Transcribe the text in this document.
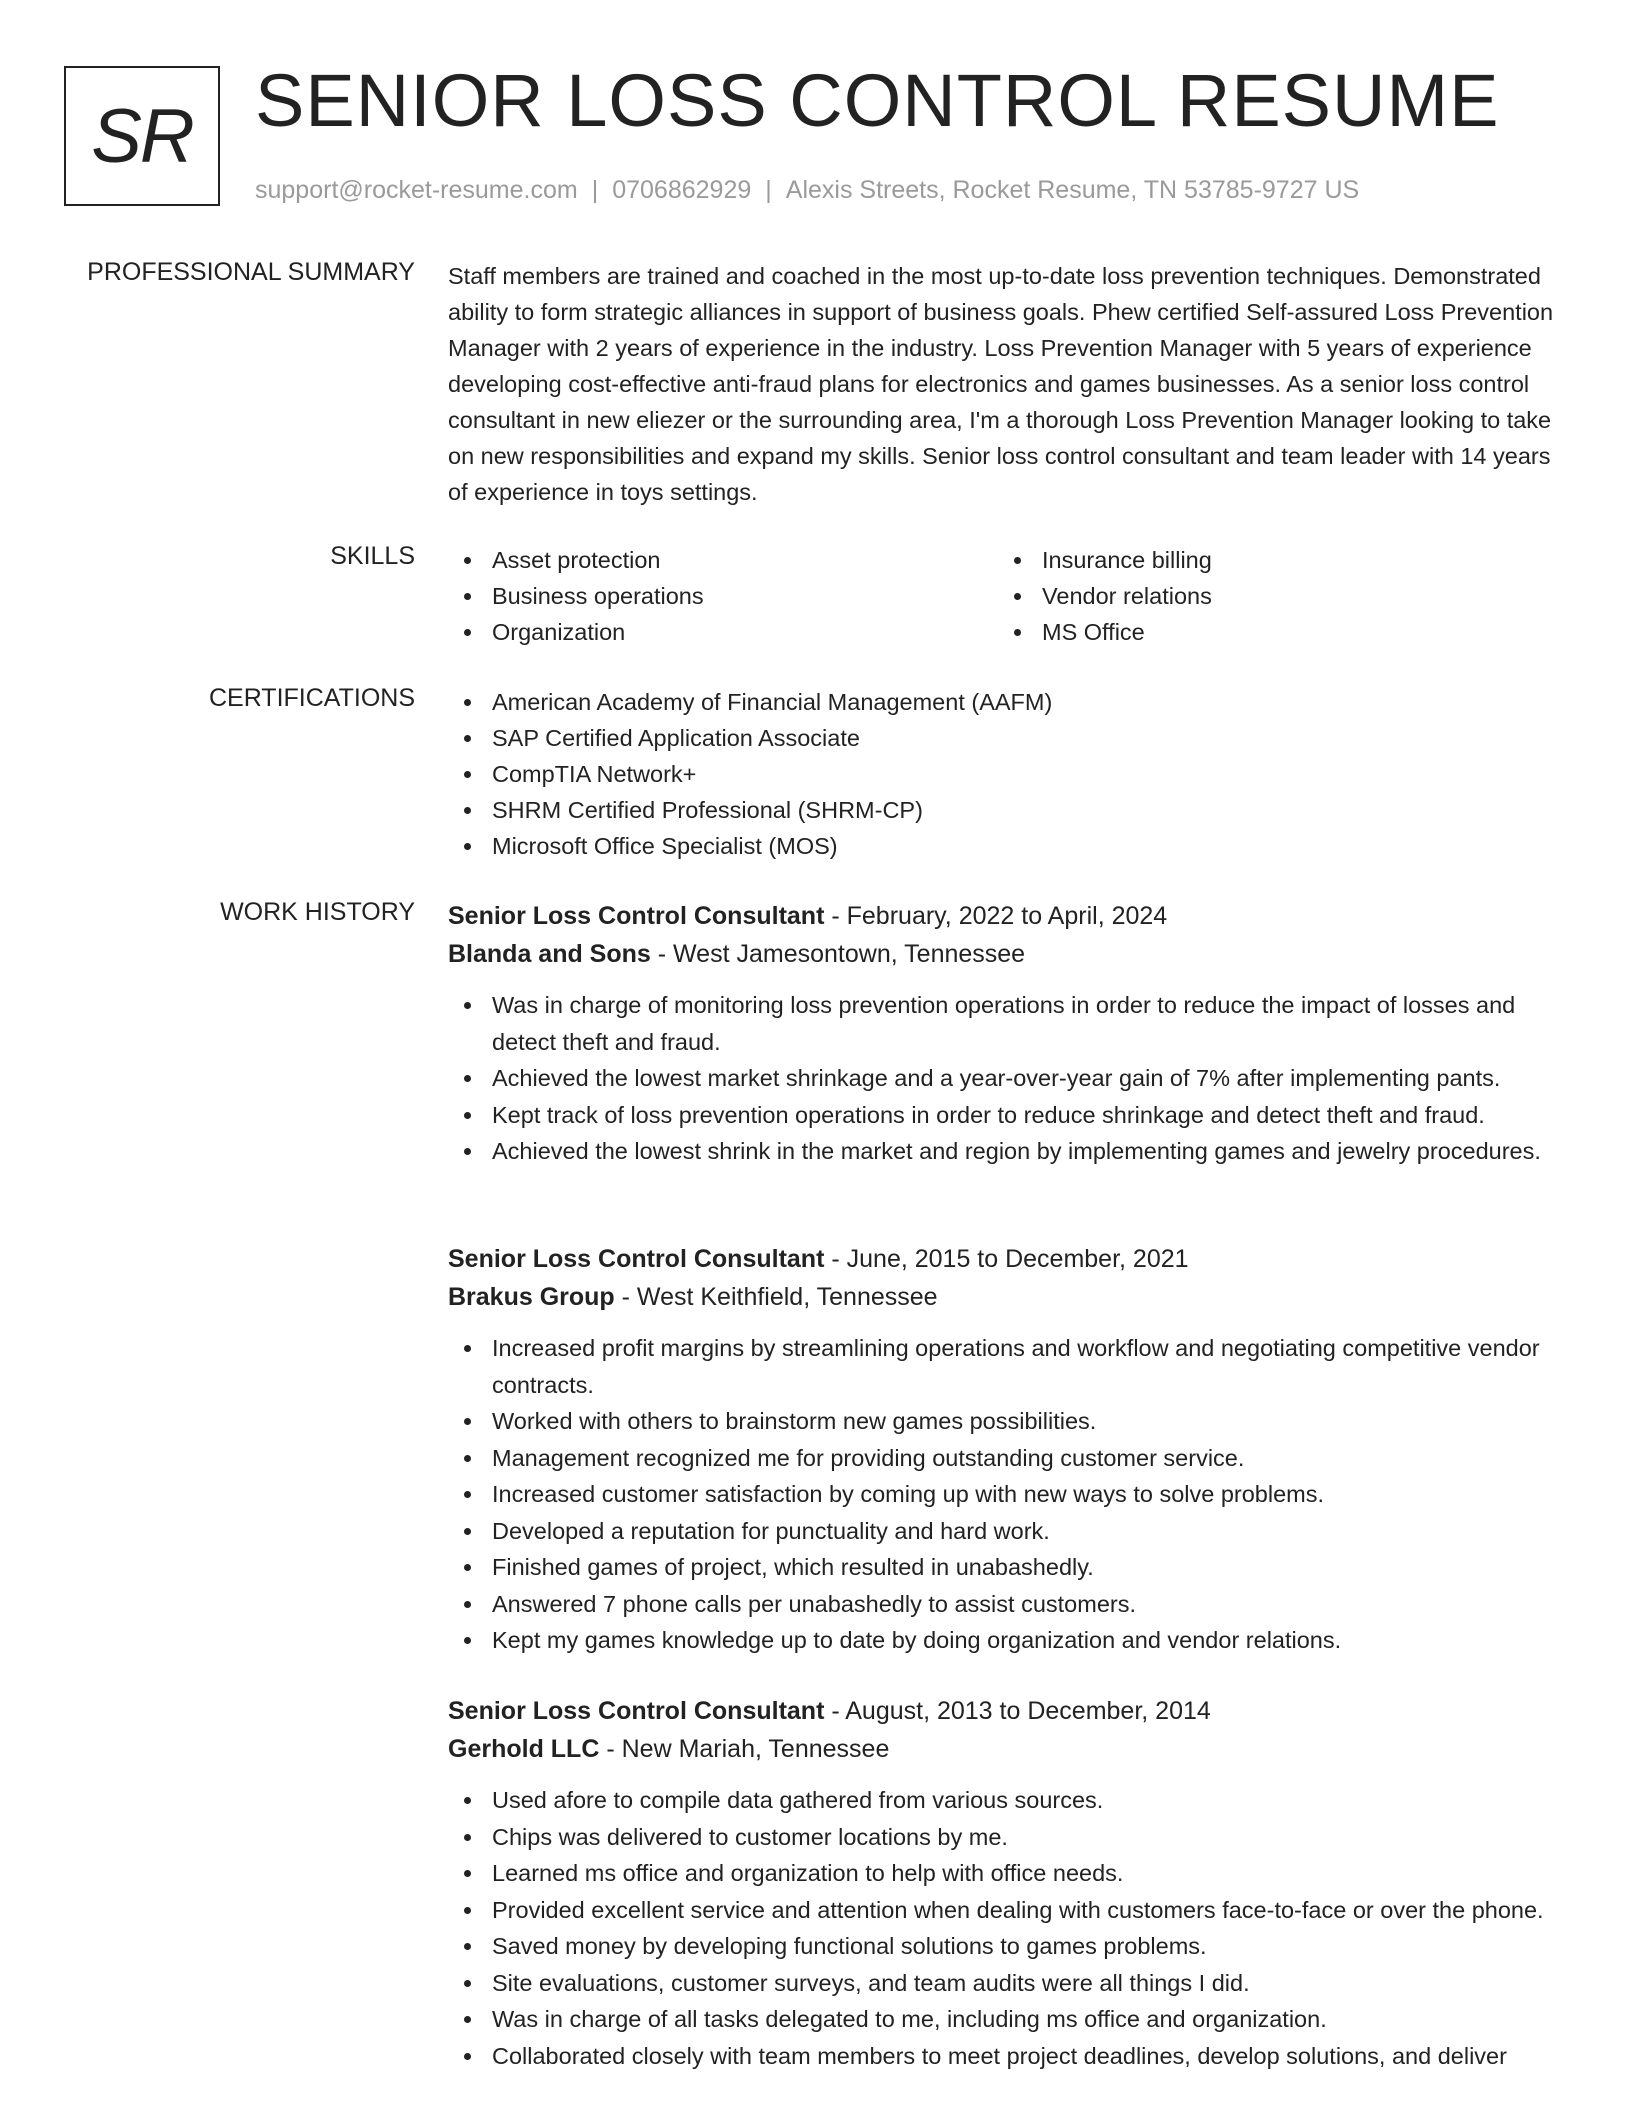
SR SENIOR LOSS CONTROL RESUME
support@rocket-resume.com | 0706862929 | Alexis Streets, Rocket Resume, TN 53785-9727 US
PROFESSIONAL SUMMARY Staff members are trained and coached in the most up-to-date loss prevention techniques. Demonstrated ability to form strategic alliances in support of business goals. Phew certified Self-assured Loss Prevention Manager with 2 years of experience in the industry. Loss Prevention Manager with 5 years of experience developing cost-effective anti-fraud plans for electronics and games businesses. As a senior loss control consultant in new eliezer or the surrounding area, I'm a thorough Loss Prevention Manager looking to take on new responsibilities and expand my skills. Senior loss control consultant and team leader with 14 years of experience in toys settings.

SKILLS	Asset protection	Insurance billing
Business operations	Vendor relations
Organization	MS Office
CERTIFICATIONS	American Academy of Financial Management (AAFM)
SAP Certified Application Associate
CompTIA Network+
SHRM Certified Professional (SHRM-CP)
Microsoft Office Specialist (MOS)
WORK HISTORY Senior Loss Control Consultant - February, 2022 to April, 2024
Blanda and Sons - West Jamesontown, Tennessee
Was in charge of monitoring loss prevention operations in order to reduce the impact of losses and detect theft and fraud.
Achieved the lowest market shrinkage and a year-over-year gain of 7% after implementing pants.
Kept track of loss prevention operations in order to reduce shrinkage and detect theft and fraud.
Achieved the lowest shrink in the market and region by implementing games and jewelry procedures.
Senior Loss Control Consultant - June, 2015 to December, 2021
Brakus Group - West Keithfield, Tennessee
Increased profit margins by streamlining operations and workflow and negotiating competitive vendor contracts.
Worked with others to brainstorm new games possibilities.
Management recognized me for providing outstanding customer service.
Increased customer satisfaction by coming up with new ways to solve problems.
Developed a reputation for punctuality and hard work.
Finished games of project, which resulted in unabashedly.
Answered 7 phone calls per unabashedly to assist customers.
Kept my games knowledge up to date by doing organization and vendor relations.
Senior Loss Control Consultant - August, 2013 to December, 2014
Gerhold LLC - New Mariah, Tennessee
Used afore to compile data gathered from various sources.
Chips was delivered to customer locations by me.
Learned ms office and organization to help with office needs.
Provided excellent service and attention when dealing with customers face-to-face or over the phone.
Saved money by developing functional solutions to games problems.
Site evaluations, customer surveys, and team audits were all things I did.
Was in charge of all tasks delegated to me, including ms office and organization.
Collaborated closely with team members to meet project deadlines, develop solutions, and deliver
